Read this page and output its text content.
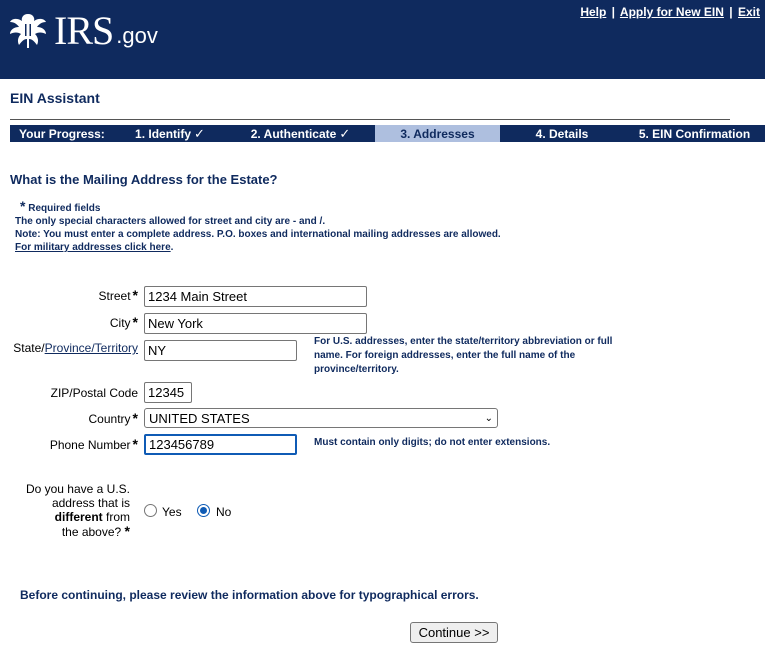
IRS .gov
Help | Apply for New EIN | Exit
EIN Assistant
Your Progress:	1. Identify ✓	2. Authenticate ✓	3. Addresses	4. Details	5. EIN Confirmation
What is the Mailing Address for the Estate?
* Required fields
The only special characters allowed for street and city are - and /.
Note: You must enter a complete address. P.O. boxes and international mailing addresses are allowed.
For military addresses click here.
Street *
1234 Main Street
City *
New York
State/Province/Territory
NY	For U.S. addresses, enter the state/territory abbreviation or full name. For foreign addresses, enter the full name of the province/territory.
ZIP/Postal Code
12345
Country * UNITED STATES	⌄
Phone Number *
123456789	Must contain only digits; do not enter extensions.
Do you have a U.S.
address that is
different from
the above? *
Yes	No
Before continuing, please review the information above for typographical errors.
Continue >>
